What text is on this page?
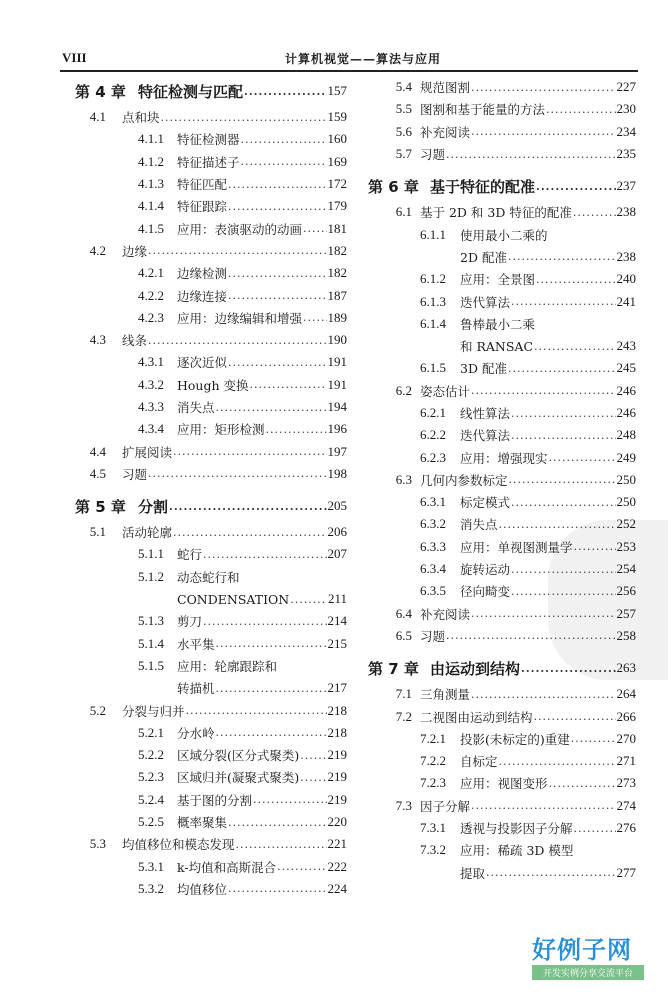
VIII	计算机视觉——算法与应用
第 4 章 特征检测与匹配 .....	157
4.1	点和块 .....	159
4.1.1	特征检测器 .....	160
4.1.2	特征描述子 .....	169
4.1.3	特征匹配 .....	172
4.1.4	特征跟踪 .....	179
4.1.5	应用：表演驱动的动画 ..... 181
4.2	边缘 .....	182
4.2.1	边缘检测 .....	182
4.2.2	边缘连接 .....	187
4.2.3	应用：边缘编辑和增强 ..... 189
4.3	线条 .....	190
4.3.1	逐次近似 .....	191
4.3.2	Hough 变换 .....	191
4.3.3	消失点 .....	194
4.3.4	应用：矩形检测 .....	196
4.4	扩展阅读 .....	197
4.5	习题 .....	198
第 5 章 分割 .....	205
5.1	活动轮廓 .....	206
5.1.1	蛇行 .....	207
5.1.2	动态蛇行和
CONDENSATION .....	211
5.1.3	剪刀 .....	214
5.1.4	水平集 .....	215
5.1.5	应用：轮廓跟踪和
转描机 .....	217
5.2	分裂与归并 .....	218
5.2.1	分水岭 .....	218
5.2.2	区域分裂(区分式聚类) ..... 219
5.2.3	区域归并(凝聚式聚类) ..... 219
5.2.4	基于图的分割 .....	219
5.2.5	概率聚集 .....	220
5.3	均值移位和模态发现 .....	221
5.3.1	k-均值和高斯混合 .....	222
5.3.2	均值移位 .....	224
5.4 规范图割 .....	227
5.5 图割和基于能量的方法 .....	230
5.6 补充阅读 .....	234
5.7 习题 .....	235
第 6 章 基于特征的配准 .....	237
6.1 基于 2D 和 3D 特征的配准 .....	238
6.1.1	使用最小二乘的
2D 配准 .....	238
6.1.2	应用：全景图 .....	240
6.1.3	迭代算法 .....	241
6.1.4	鲁棒最小二乘
和 RANSAC .....	243
6.1.5	3D 配准 .....	245
6.2 姿态估计 .....	246
6.2.1	线性算法 .....	246
6.2.2	迭代算法 .....	248
6.2.3	应用：增强现实 .....	249
6.3 几何内参数标定 .....	250
6.3.1	标定模式 .....	250
6.3.2	消失点 .....	252
6.3.3	应用：单视图测量学 .....	253
6.3.4	旋转运动 .....	254
6.3.5	径向畸变 .....	256
6.4 补充阅读 .....	257
6.5 习题 .....	258
第 7 章 由运动到结构 .....	263
7.1 三角测量 .....	264
7.2 二视图由运动到结构 .....	266
7.2.1	投影(未标定的)重建 .....	270
7.2.2	自标定 .....	271
7.2.3	应用：视图变形 .....	273
7.3 因子分解 .....	274
7.3.1	透视与投影因子分解 .....	276
7.3.2	应用：稀疏 3D 模型
提取 .....	277
好例子网
开发实例分享交流平台
